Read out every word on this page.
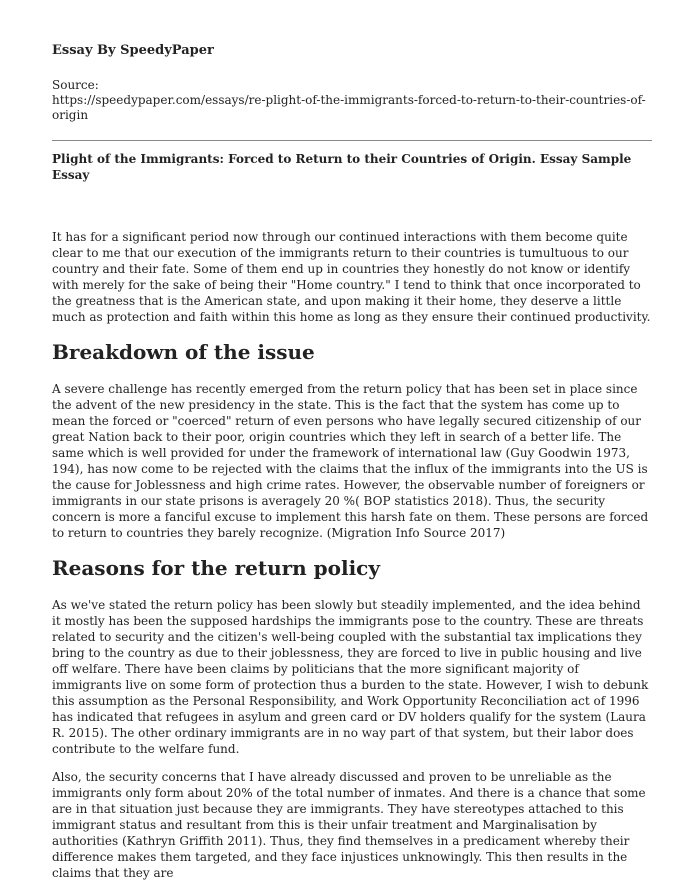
Essay By SpeedyPaper
Source:
https://speedypaper.com/essays/re-plight-of-the-immigrants-forced-to-return-to-their-countries-of-origin
Plight of the Immigrants: Forced to Return to their Countries of Origin. Essay Sample Essay

It has for a significant period now through our continued interactions with them become quite clear to me that our execution of the immigrants return to their countries is tumultuous to our country and their fate. Some of them end up in countries they honestly do not know or identify with merely for the sake of being their "Home country." I tend to think that once incorporated to the greatness that is the American state, and upon making it their home, they deserve a little much as protection and faith within this home as long as they ensure their continued productivity.

Breakdown of the issue

A severe challenge has recently emerged from the return policy that has been set in place since the advent of the new presidency in the state. This is the fact that the system has come up to mean the forced or "coerced" return of even persons who have legally secured citizenship of our great Nation back to their poor, origin countries which they left in search of a better life. The same which is well provided for under the framework of international law (Guy Goodwin 1973, 194), has now come to be rejected with the claims that the influx of the immigrants into the US is the cause for Joblessness and high crime rates. However, the observable number of foreigners or immigrants in our state prisons is averagely 20 %( BOP statistics 2018). Thus, the security concern is more a fanciful excuse to implement this harsh fate on them. These persons are forced to return to countries they barely recognize. (Migration Info Source 2017)

Reasons for the return policy

As we've stated the return policy has been slowly but steadily implemented, and the idea behind it mostly has been the supposed hardships the immigrants pose to the country. These are threats related to security and the citizen's well-being coupled with the substantial tax implications they bring to the country as due to their joblessness, they are forced to live in public housing and live off welfare. There have been claims by politicians that the more significant majority of immigrants live on some form of protection thus a burden to the state. However, I wish to debunk this assumption as the Personal Responsibility, and Work Opportunity Reconciliation act of 1996 has indicated that refugees in asylum and green card or DV holders qualify for the system (Laura R. 2015). The other ordinary immigrants are in no way part of that system, but their labor does contribute to the welfare fund.

Also, the security concerns that I have already discussed and proven to be unreliable as the immigrants only form about 20% of the total number of inmates. And there is a chance that some are in that situation just because they are immigrants. They have stereotypes attached to this immigrant status and resultant from this is their unfair treatment and Marginalisation by authorities (Kathryn Griffith 2011). Thus, they find themselves in a predicament whereby their difference makes them targeted, and they face injustices unknowingly. This then results in the claims that they are
